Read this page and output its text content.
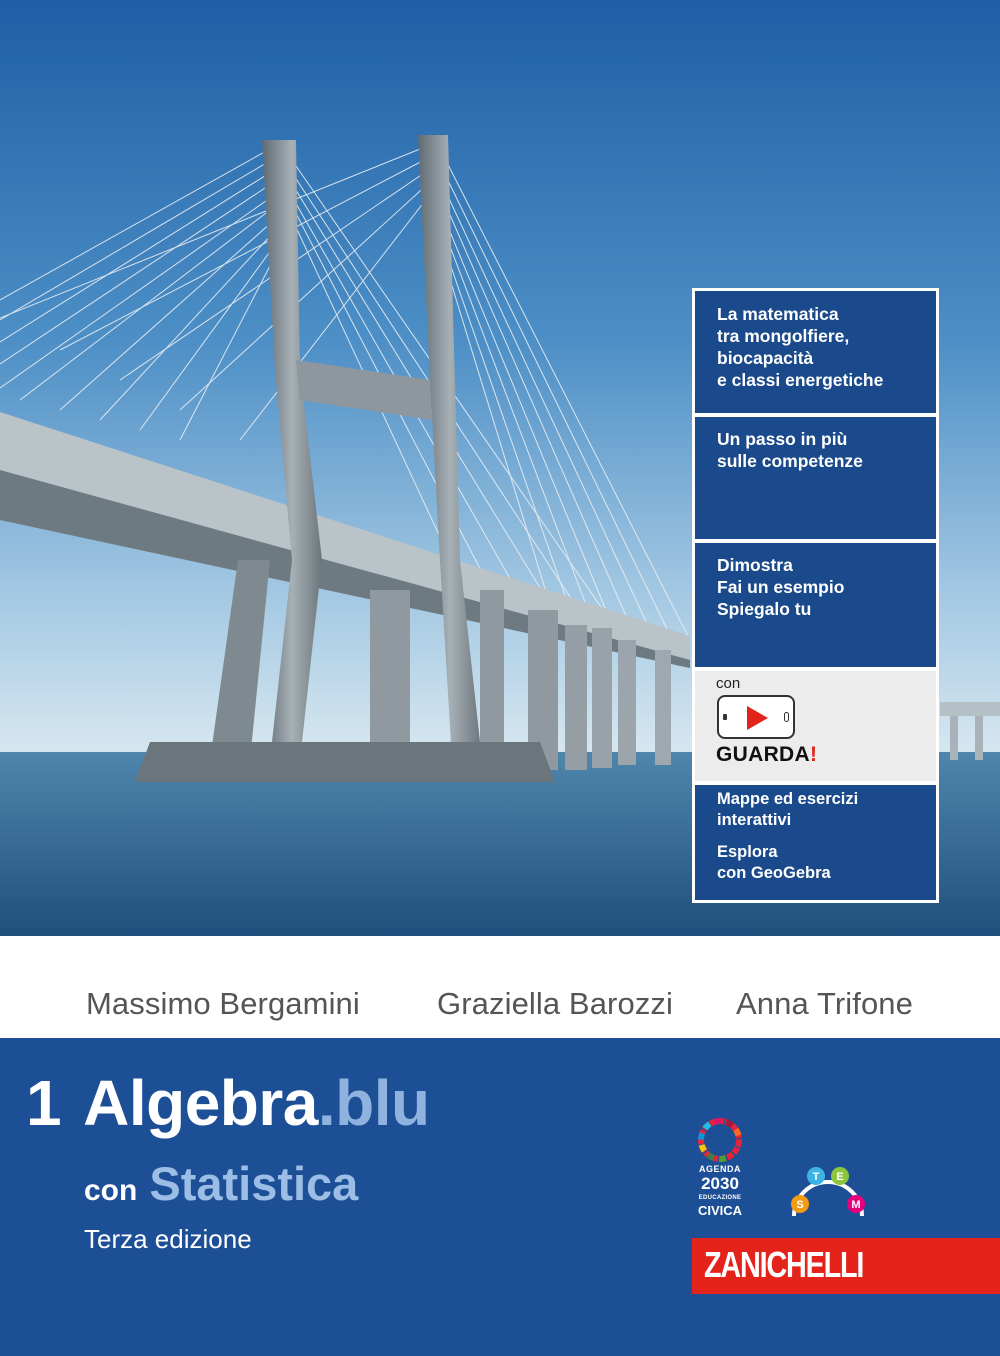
La matematica
tra mongolfiere,
biocapacità
e classi energetiche
Un passo in più
sulle competenze
Dimostra
Fai un esempio
Spiegalo tu
con
GUARDA!
Mappe ed esercizi
interattivi
Esplora
con GeoGebra
Massimo Bergamini Graziella Barozzi Anna Trifone
1 Algebra.blu
con Statistica
Terza edizione
AGENDA
2030
EDUCAZIONE
CIVICA	S
T E
M
ZANICHELLI
